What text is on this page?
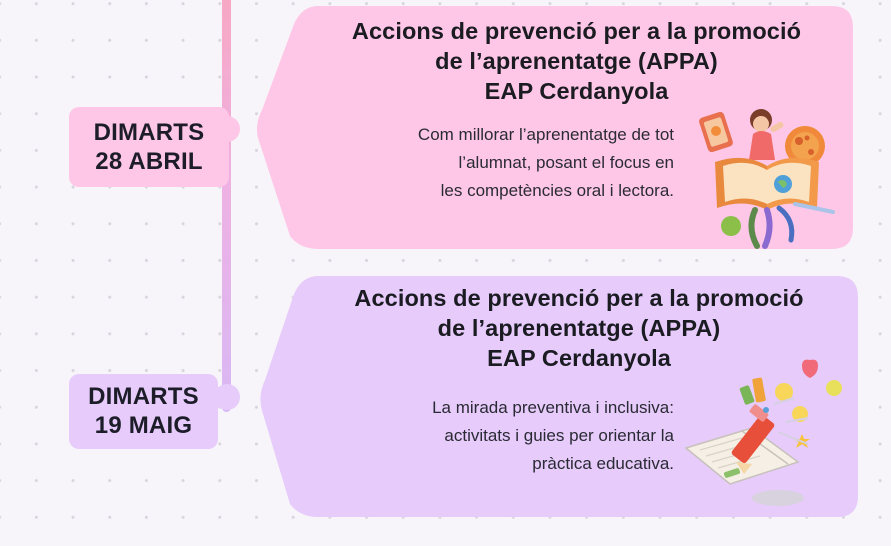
DIMARTS
28 ABRIL
Accions de prevenció per a la promoció
de l’aprenentatge (APPA)
EAP Cerdanyola
Com millorar l’aprenentatge de tot
l’alumnat, posant el focus en
les competències oral i lectora.
DIMARTS
19 MAIG
Accions de prevenció per a la promoció
de l’aprenentatge (APPA)
EAP Cerdanyola
La mirada preventiva i inclusiva:
activitats i guies per orientar la
pràctica educativa.
